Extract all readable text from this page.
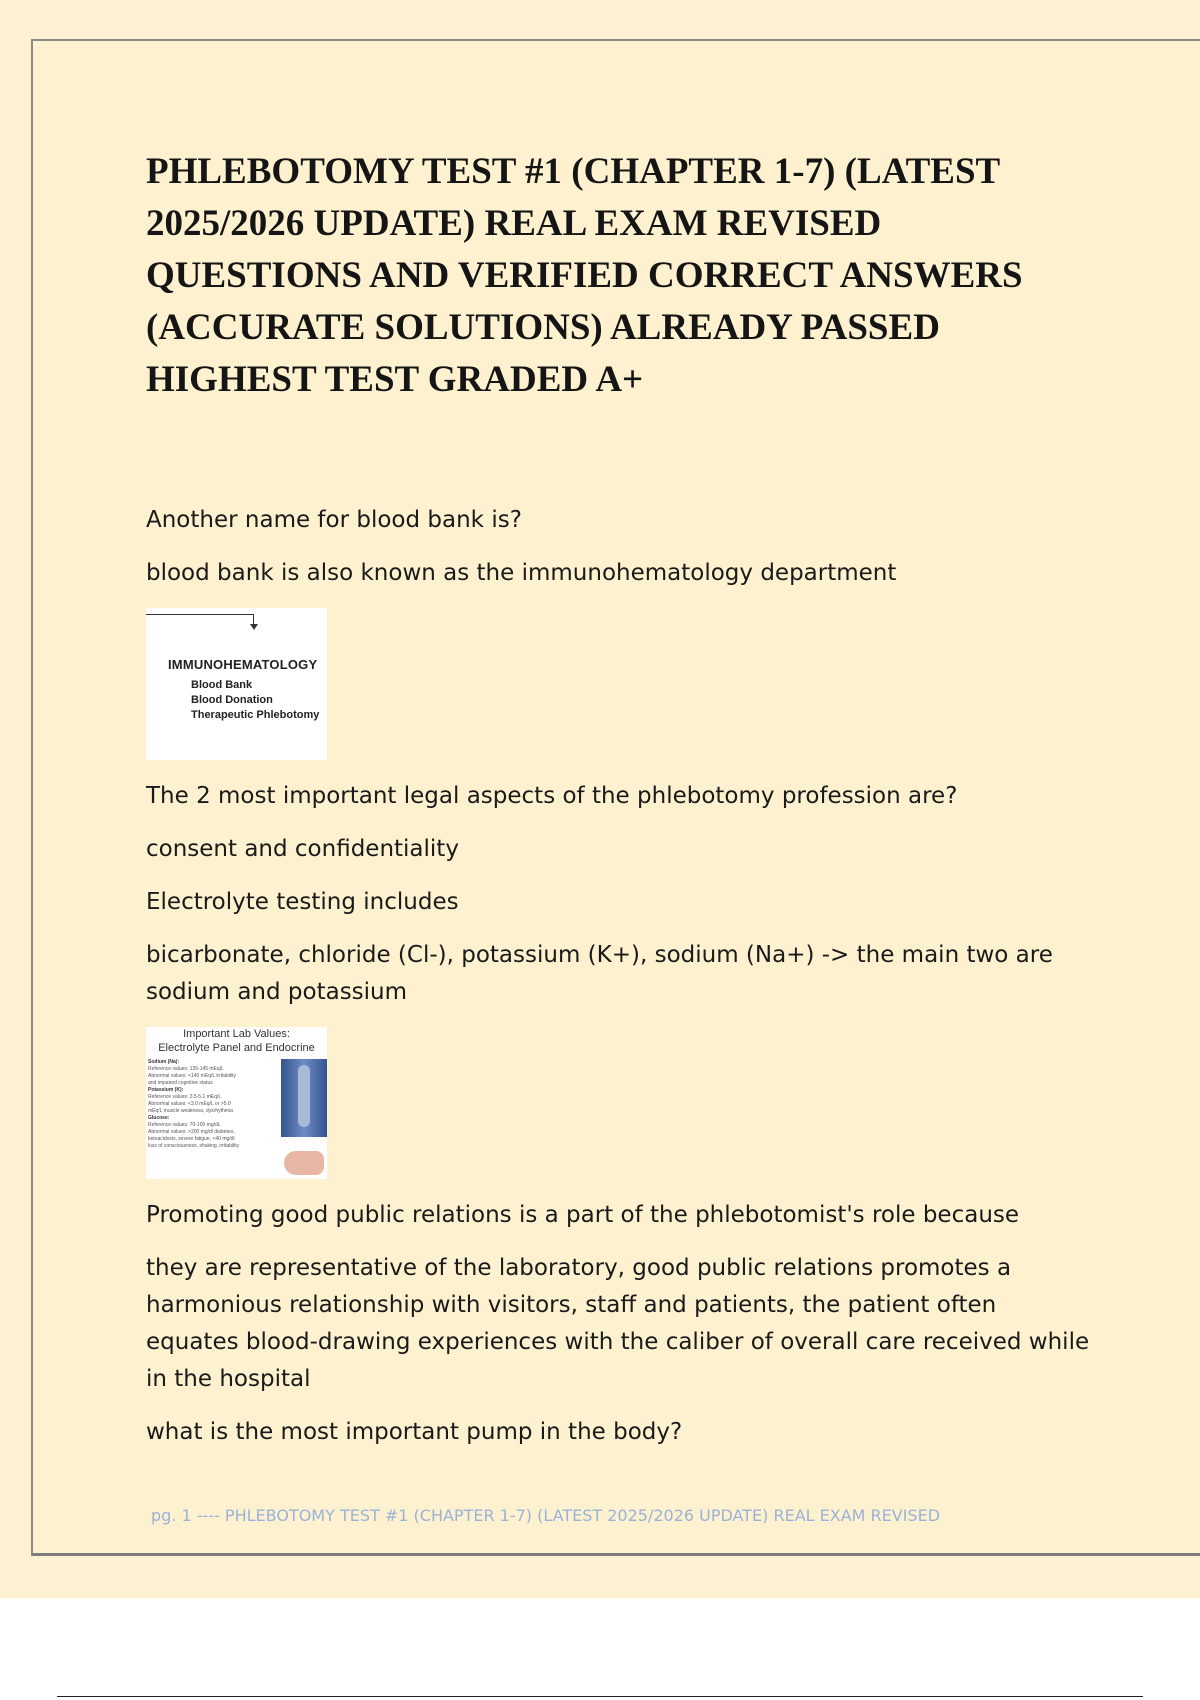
PHLEBOTOMY TEST #1 (CHAPTER 1-7) (LATEST 2025/2026 UPDATE) REAL EXAM REVISED QUESTIONS AND VERIFIED CORRECT ANSWERS (ACCURATE SOLUTIONS) ALREADY PASSED HIGHEST TEST GRADED A+

Another name for blood bank is?

blood bank is also known as the immunohematology department

IMMUNOHEMATOLOGY
Blood Bank
Blood Donation
Therapeutic Phlebotomy

The 2 most important legal aspects of the phlebotomy profession are?

consent and confidentiality

Electrolyte testing includes

bicarbonate, chloride (Cl-), potassium (K+), sodium (Na+) -> the main two are sodium and potassium

Important Lab Values:
Electrolyte Panel and Endocrine
Sodium (Na):
Reference values: 135-145 mEq/L
Abnormal values: <140 mEq/L irritability
and impaired cognitive status
Potassium (K):
Reference values: 3.5-5.1 mEq/L
Abnormal values: <3.0 mEq/L or >5.0
mEq/L muscle weakness, dysrhythmia
Glucose:
Reference values: 70-100 mg/dL
Abnormal values: >200 mg/dl diabetes,
ketoacidosis, severe fatigue, <40 mg/dl
loss of consciousness, shaking, irritability

Promoting good public relations is a part of the phlebotomist's role because

they are representative of the laboratory, good public relations promotes a harmonious relationship with visitors, staff and patients, the patient often equates blood-drawing experiences with the caliber of overall care received while in the hospital

what is the most important pump in the body?

pg. 1 ---- PHLEBOTOMY TEST #1 (CHAPTER 1-7) (LATEST 2025/2026 UPDATE) REAL EXAM REVISED
